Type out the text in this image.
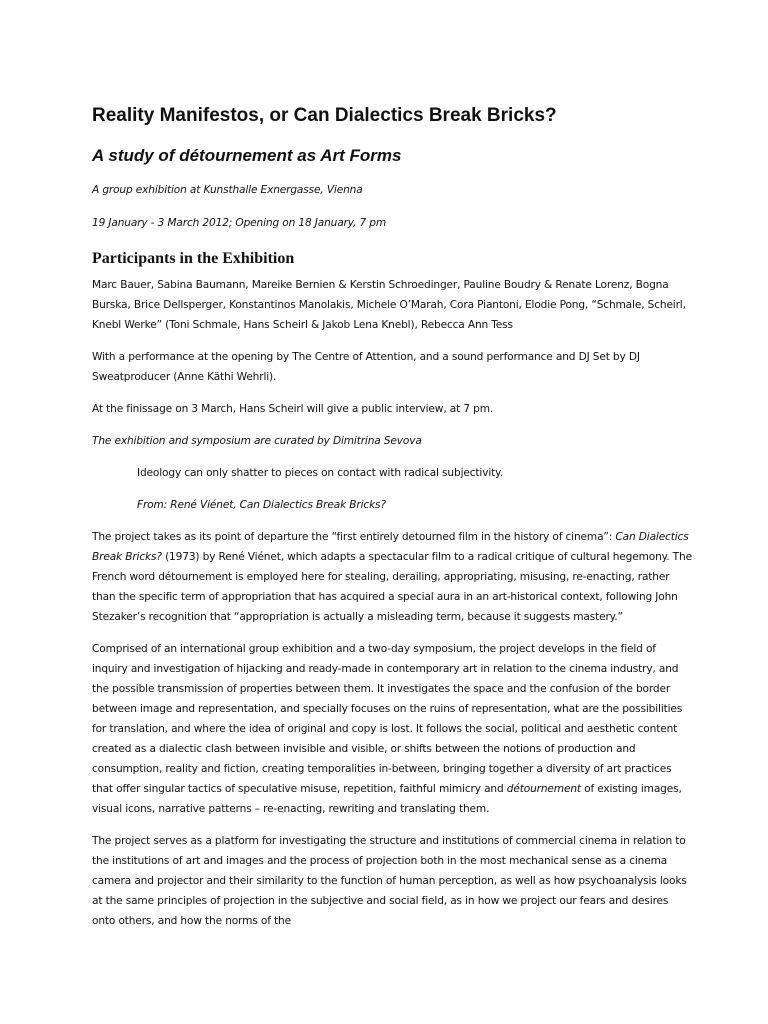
Reality Manifestos, or Can Dialectics Break Bricks?
A study of détournement as Art Forms

A group exhibition at Kunsthalle Exnergasse, Vienna

19 January - 3 March 2012; Opening on 18 January, 7 pm

Participants in the Exhibition

Marc Bauer, Sabina Baumann, Mareike Bernien & Kerstin Schroedinger, Pauline Boudry & Renate Lorenz, Bogna Burska, Brice Dellsperger, Konstantinos Manolakis, Michele O’Marah, Cora Piantoni, Elodie Pong, “Schmale, Scheirl, Knebl Werke” (Toni Schmale, Hans Scheirl & Jakob Lena Knebl), Rebecca Ann Tess

With a performance at the opening by The Centre of Attention, and a sound performance and DJ Set by DJ Sweatproducer (Anne Käthi Wehrli).

At the finissage on 3 March, Hans Scheirl will give a public interview, at 7 pm.

The exhibition and symposium are curated by Dimitrina Sevova

Ideology can only shatter to pieces on contact with radical subjectivity.

From: René Viénet, Can Dialectics Break Bricks?

The project takes as its point of departure the “first entirely detourned film in the history of cinema”: Can Dialectics Break Bricks? (1973) by René Viénet, which adapts a spectacular film to a radical critique of cultural hegemony. The French word détournement is employed here for stealing, derailing, appropriating, misusing, re-enacting, rather than the specific term of appropriation that has acquired a special aura in an art-historical context, following John Stezaker’s recognition that “appropriation is actually a misleading term, because it suggests mastery.”

Comprised of an international group exhibition and a two-day symposium, the project develops in the field of inquiry and investigation of hijacking and ready-made in contemporary art in relation to the cinema industry, and the possible transmission of properties between them. It investigates the space and the confusion of the border between image and representation, and specially focuses on the ruins of representation, what are the possibilities for translation, and where the idea of original and copy is lost. It follows the social, political and aesthetic content created as a dialectic clash between invisible and visible, or shifts between the notions of production and consumption, reality and fiction, creating temporalities in-between, bringing together a diversity of art practices that offer singular tactics of speculative misuse, repetition, faithful mimicry and détournement of existing images, visual icons, narrative patterns – re-enacting, rewriting and translating them.

The project serves as a platform for investigating the structure and institutions of commercial cinema in relation to the institutions of art and images and the process of projection both in the most mechanical sense as a cinema camera and projector and their similarity to the function of human perception, as well as how psychoanalysis looks at the same principles of projection in the subjective and social field, as in how we project our fears and desires onto others, and how the norms of the
